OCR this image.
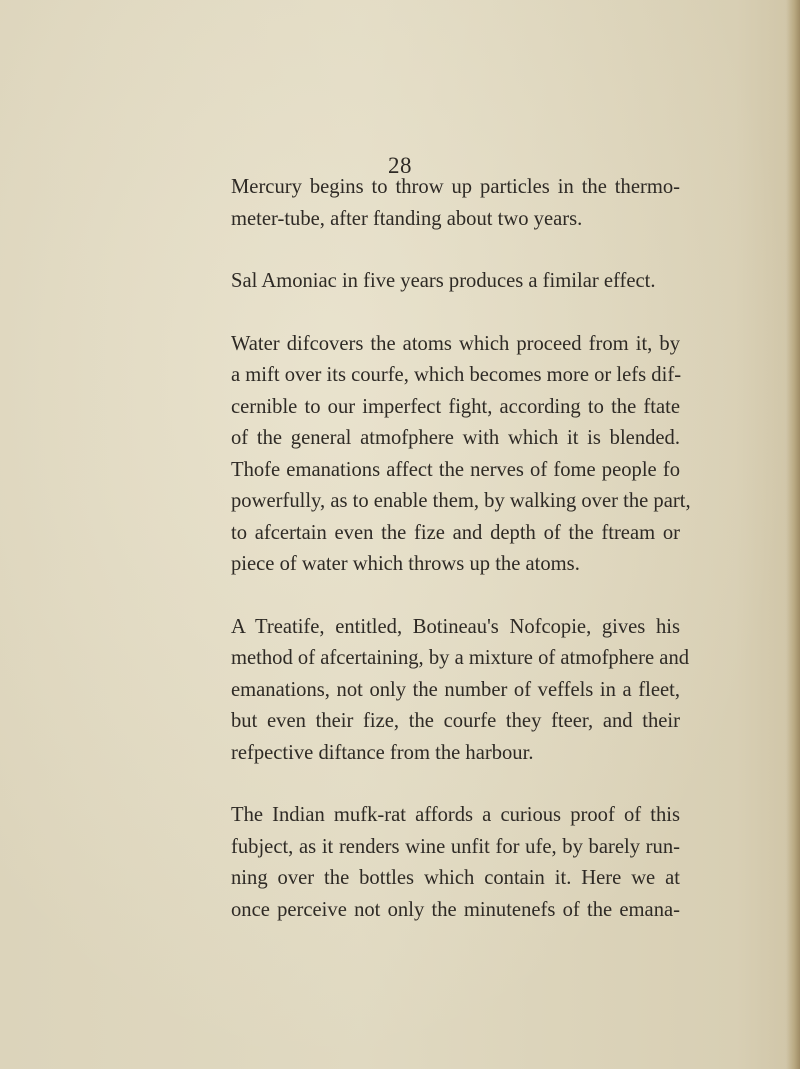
28

Mercury begins to throw up particles in the thermo-
meter-tube, after ftanding about two years.

Sal Amoniac in five years produces a fimilar effect.

Water difcovers the atoms which proceed from it, by
a mift over its courfe, which becomes more or lefs dif-
cernible to our imperfect fight, according to the ftate
of the general atmofphere with which it is blended.
Thofe emanations affect the nerves of fome people fo
powerfully, as to enable them, by walking over the part,
to afcertain even the fize and depth of the ftream or
piece of water which throws up the atoms.

A Treatife, entitled, Botineau's Nofcopie, gives his
method of afcertaining, by a mixture of atmofphere and
emanations, not only the number of veffels in a fleet,
but even their fize, the courfe they fteer, and their
refpective diftance from the harbour.

The Indian mufk-rat affords a curious proof of this
fubject, as it renders wine unfit for ufe, by barely run-
ning over the bottles which contain it. Here we at
once perceive not only the minutenefs of the emana-
